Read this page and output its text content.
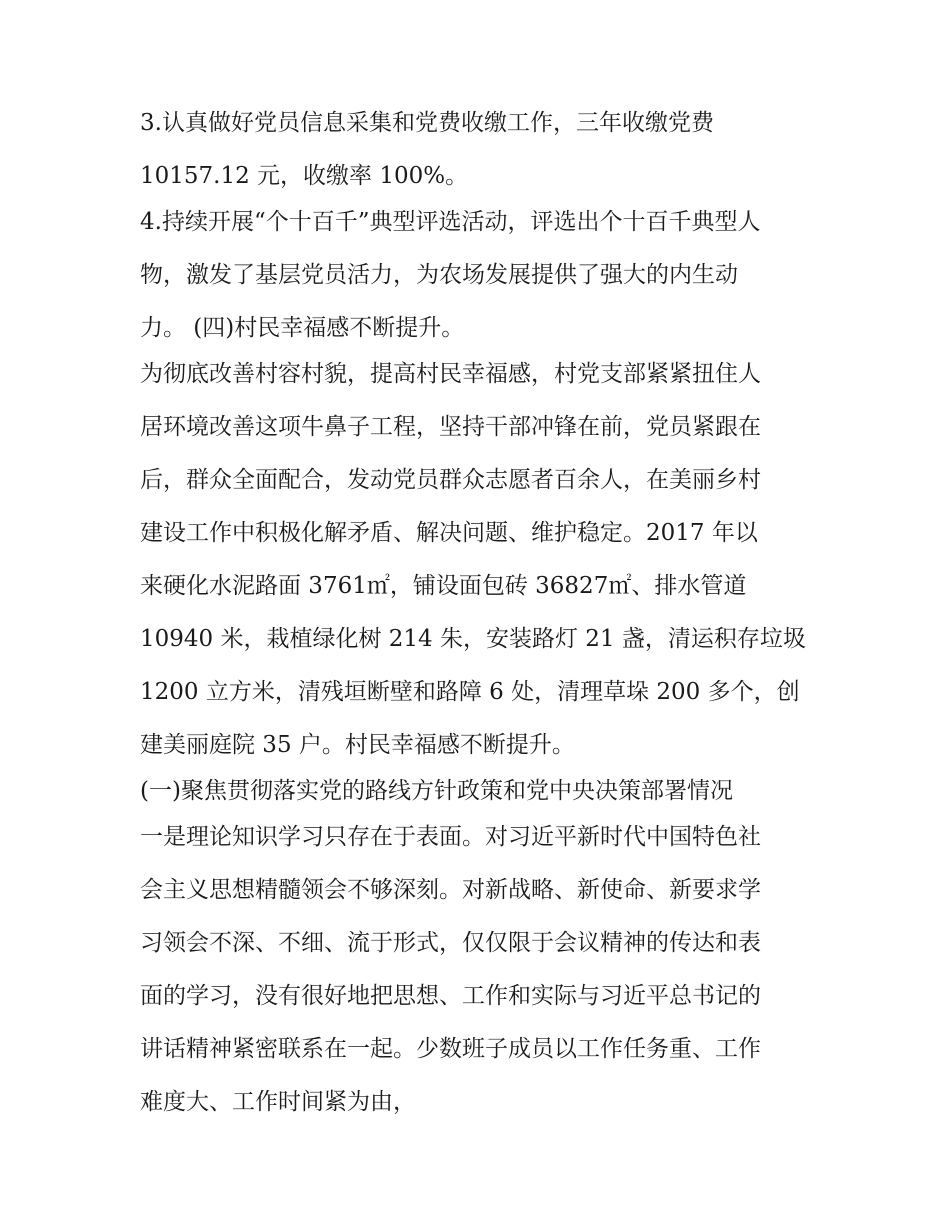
3.认真做好党员信息采集和党费收缴工作，三年收缴党费

10157.12 元，收缴率 100%。

4.持续开展“个十百千”典型评选活动，评选出个十百千典型人

物，激发了基层党员活力，为农场发展提供了强大的内生动

力。 (四)村民幸福感不断提升。

为彻底改善村容村貌，提高村民幸福感，村党支部紧紧扭住人

居环境改善这项牛鼻子工程，坚持干部冲锋在前，党员紧跟在

后，群众全面配合，发动党员群众志愿者百余人，在美丽乡村

建设工作中积极化解矛盾、解决问题、维护稳定。2017 年以

来硬化水泥路面 3761㎡，铺设面包砖 36827㎡、排水管道

10940 米，栽植绿化树 214 朱，安装路灯 21 盏，清运积存垃圾

1200 立方米，清残垣断壁和路障 6 处，清理草垛 200 多个，创

建美丽庭院 35 户。村民幸福感不断提升。

(一)聚焦贯彻落实党的路线方针政策和党中央决策部署情况

一是理论知识学习只存在于表面。对习近平新时代中国特色社

会主义思想精髓领会不够深刻。对新战略、新使命、新要求学

习领会不深、不细、流于形式，仅仅限于会议精神的传达和表

面的学习，没有很好地把思想、工作和实际与习近平总书记的

讲话精神紧密联系在一起。少数班子成员以工作任务重、工作

难度大、工作时间紧为由，
